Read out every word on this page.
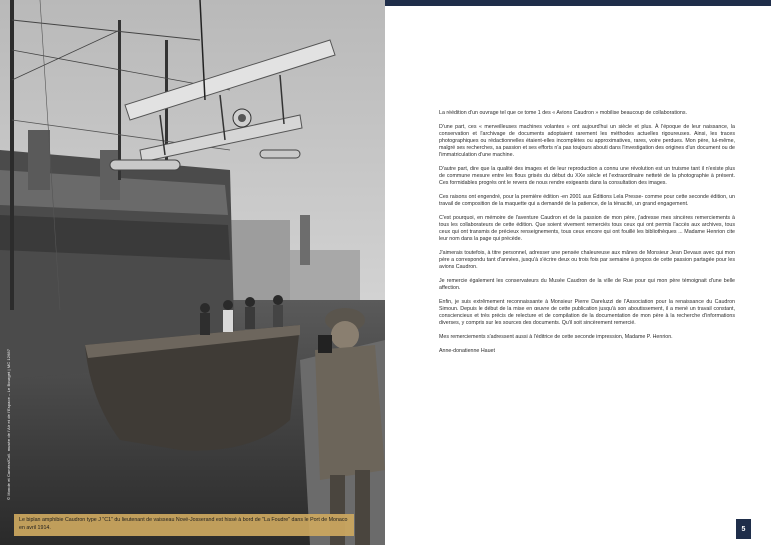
© Monde et Caméra/Coll. musée de l'Air et de l'Espace – Le Bourget | MC 12687
Le biplan amphibie Caudron type J "C1" du lieutenant de vaisseau Nové-Josserand est hissé à bord de "La Foudre" dans le Port de Monaco en avril 1914.

La réédition d'un ouvrage tel que ce tome 1 des « Avions Caudron » mobilise beaucoup de collaborations.

D'une part, ces « merveilleuses machines volantes » ont aujourd'hui un siècle et plus. À l'époque de leur naissance, la conservation et l'archivage de documents adoptaient rarement les méthodes actuelles rigoureuses. Ainsi, les traces photographiques ou rédactionnelles étaient-elles incomplètes ou approximatives, rares, voire perdues. Mon père, lui-même, malgré ses recherches, sa passion et ses efforts n'a pas toujours abouti dans l'investigation des origines d'un document ou de l'immatriculation d'une machine.

D'autre part, dire que la qualité des images et de leur reproduction a connu une révolution est un truisme tant il n'existe plus de commune mesure entre les flous grisés du début du XXe siècle et l'extraordinaire netteté de la photographie à présent. Ces formidables progrès ont le revers de nous rendre exigeants dans la consultation des images.

Ces raisons ont engendré, pour la première édition -en 2001 aux Éditions Lela Presse- comme pour cette seconde édition, un travail de composition de la maquette qui a demandé de la patience, de la ténacité, un grand engagement.

C'est pourquoi, en mémoire de l'aventure Caudron et de la passion de mon père, j'adresse mes sincères remerciements à tous les collaborateurs de cette édition. Que soient vivement remerciés tous ceux qui ont permis l'accès aux archives, tous ceux qui ont transmis de précieux renseignements, tous ceux encore qui ont fouillé les bibliothèques ... Madame Henrion cite leur nom dans la page qui précède.

J'aimerais toutefois, à titre personnel, adresser une pensée chaleureuse aux mânes de Monsieur Jean Devaux avec qui mon père a correspondu tant d'années, jusqu'à s'écrire deux ou trois fois par semaine à propos de cette passion partagée pour les avions Caudron.

Je remercie également les conservateurs du Musée Caudron de la ville de Rue pour qui mon père témoignait d'une belle affection.

Enfin, je suis extrêmement reconnaissante à Monsieur Pierre Dareluzzi de l'Association pour la renaissance du Caudron Simoun. Depuis le début de la mise en œuvre de cette publication jusqu'à son aboutissement, il a mené un travail constant, consciencieux et très précis de relecture et de compilation de la documentation de mon père à la recherche d'informations diverses, y compris sur les sources des documents. Qu'il soit sincèrement remercié.

Mes remerciements s'adressent aussi à l'éditrice de cette seconde impression, Madame P. Henrion.

Anne-donatienne Hauet

5
